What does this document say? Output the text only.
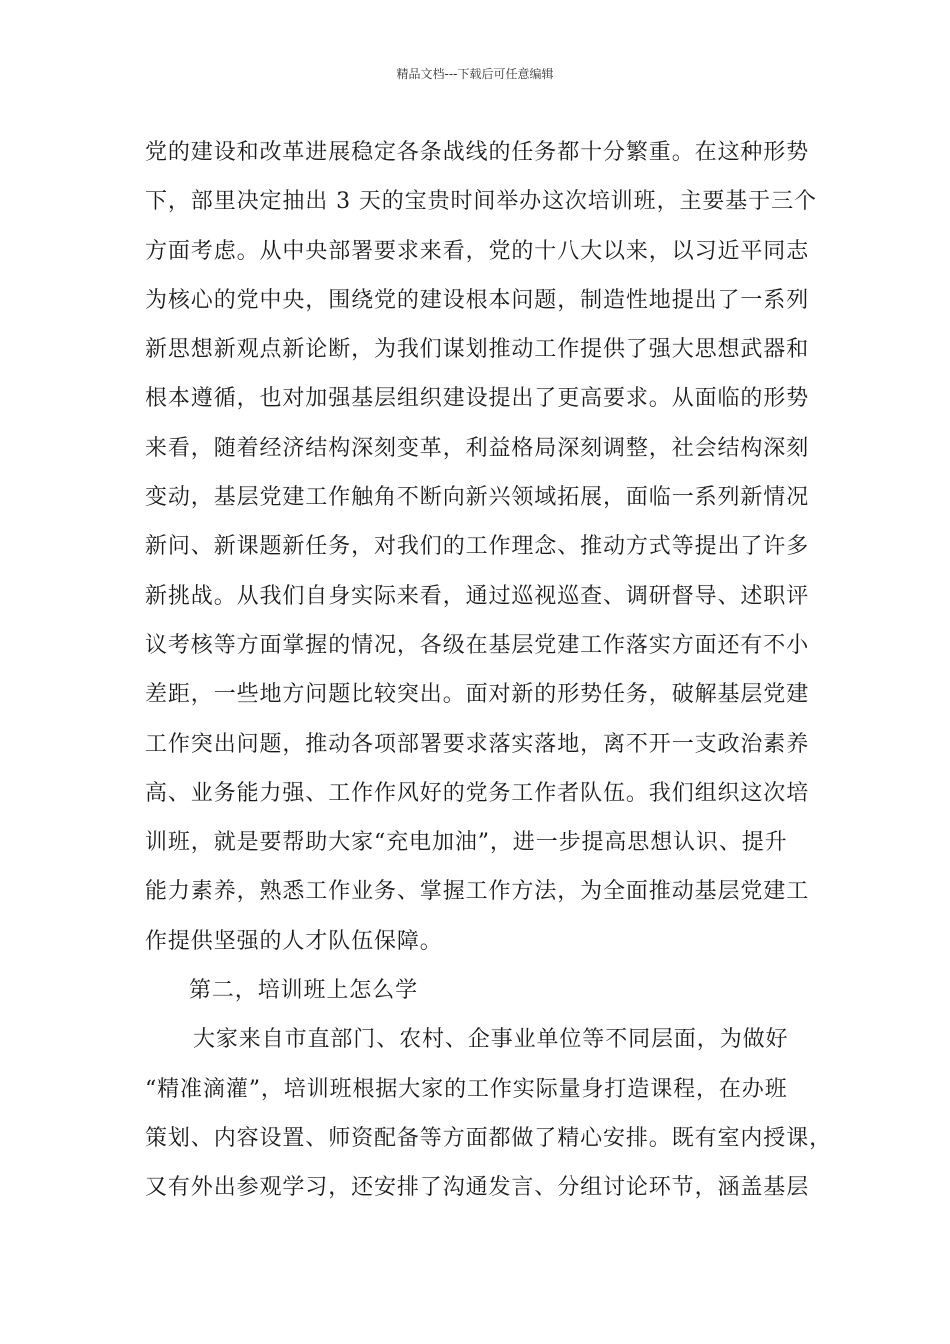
精品文档---下载后可任意编辑
党的建设和改革进展稳定各条战线的任务都十分繁重。在这种形势
下，部里决定抽出 3 天的宝贵时间举办这次培训班，主要基于三个
方面考虑。从中央部署要求来看，党的十八大以来，以习近平同志
为核心的党中央，围绕党的建设根本问题，制造性地提出了一系列
新思想新观点新论断，为我们谋划推动工作提供了强大思想武器和
根本遵循，也对加强基层组织建设提出了更高要求。从面临的形势
来看，随着经济结构深刻变革，利益格局深刻调整，社会结构深刻
变动，基层党建工作触角不断向新兴领域拓展，面临一系列新情况
新问、新课题新任务，对我们的工作理念、推动方式等提出了许多
新挑战。从我们自身实际来看，通过巡视巡查、调研督导、述职评
议考核等方面掌握的情况，各级在基层党建工作落实方面还有不小
差距，一些地方问题比较突出。面对新的形势任务，破解基层党建
工作突出问题，推动各项部署要求落实落地，离不开一支政治素养
高、业务能力强、工作作风好的党务工作者队伍。我们组织这次培
训班，就是要帮助大家“充电加油”，进一步提高思想认识、提升
能力素养，熟悉工作业务、掌握工作方法，为全面推动基层党建工
作提供坚强的人才队伍保障。
第二，培训班上怎么学
大家来自市直部门、农村、企事业单位等不同层面，为做好
“精准滴灌”，培训班根据大家的工作实际量身打造课程，在办班
策划、内容设置、师资配备等方面都做了精心安排。既有室内授课，
又有外出参观学习，还安排了沟通发言、分组讨论环节，涵盖基层
